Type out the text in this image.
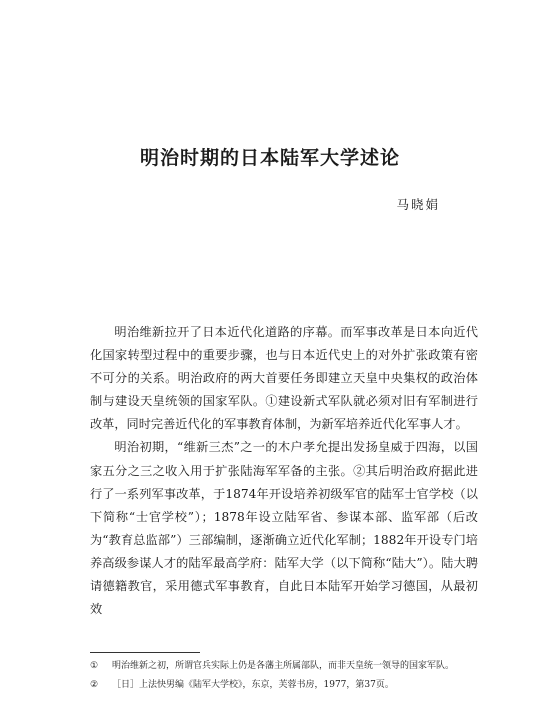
明治时期的日本陆军大学述论
马晓娟

明治维新拉开了日本近代化道路的序幕。而军事改革是日本向近代化国家转型过程中的重要步骤，也与日本近代史上的对外扩张政策有密不可分的关系。明治政府的两大首要任务即建立天皇中央集权的政治体制与建设天皇统领的国家军队。①建设新式军队就必须对旧有军制进行改革，同时完善近代化的军事教育体制，为新军培养近代化军事人才。

明治初期，“维新三杰”之一的木户孝允提出发扬皇威于四海，以国家五分之三之收入用于扩张陆海军军备的主张。②其后明治政府据此进行了一系列军事改革，于1874年开设培养初级军官的陆军士官学校（以下简称“士官学校”）；1878年设立陆军省、参谋本部、监军部（后改为“教育总监部”）三部编制，逐渐确立近代化军制；1882年开设专门培养高级参谋人才的陆军最高学府：陆军大学（以下简称“陆大”）。陆大聘请德籍教官，采用德式军事教育，自此日本陆军开始学习德国，从最初效

①	明治维新之初，所谓官兵实际上仍是各藩主所属部队，而非天皇统一领导的国家军队。
②	［日］上法快男编《陆军大学校》，东京，芙蓉书房，1977，第37页。
